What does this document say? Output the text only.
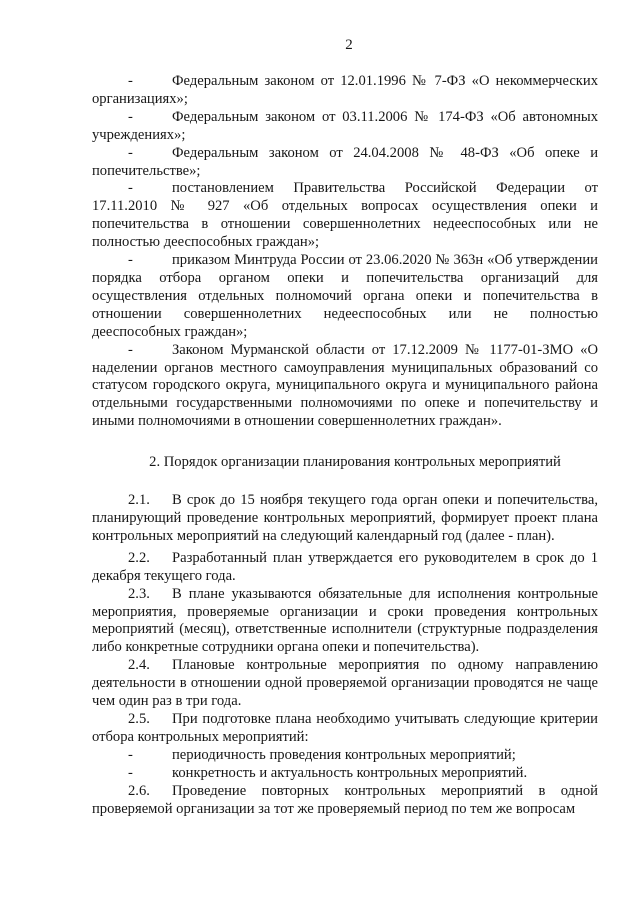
2

-	Федеральным законом от 12.01.1996 № 7-ФЗ «О некоммерческих организациях»;

-	Федеральным законом от 03.11.2006 № 174-ФЗ «Об автономных учреждениях»;

-	Федеральным законом от 24.04.2008 № 48-ФЗ «Об опеке и попечительстве»;

-	постановлением Правительства Российской Федерации от 17.11.2010 № 927 «Об отдельных вопросах осуществления опеки и попечительства в отношении совершеннолетних недееспособных или не полностью дееспособных граждан»;

-	приказом Минтруда России от 23.06.2020 № 363н «Об утверждении порядка отбора органом опеки и попечительства организаций для осуществления отдельных полномочий органа опеки и попечительства в отношении совершеннолетних недееспособных или не полностью дееспособных граждан»;

-	Законом Мурманской области от 17.12.2009 № 1177-01-ЗМО «О наделении органов местного самоуправления муниципальных образований со статусом городского округа, муниципального округа и муниципального района отдельными государственными полномочиями по опеке и попечительству и иными полномочиями в отношении совершеннолетних граждан».

2. Порядок организации планирования контрольных мероприятий

2.1. В срок до 15 ноября текущего года орган опеки и попечительства, планирующий проведение контрольных мероприятий, формирует проект плана контрольных мероприятий на следующий календарный год (далее - план).

2.2. Разработанный план утверждается его руководителем в срок до 1 декабря текущего года.

2.3. В плане указываются обязательные для исполнения контрольные мероприятия, проверяемые организации и сроки проведения контрольных мероприятий (месяц), ответственные исполнители (структурные подразделения либо конкретные сотрудники органа опеки и попечительства).

2.4. Плановые контрольные мероприятия по одному направлению деятельности в отношении одной проверяемой организации проводятся не чаще чем один раз в три года.

2.5. При подготовке плана необходимо учитывать следующие критерии отбора контрольных мероприятий:

-	периодичность проведения контрольных мероприятий;

-	конкретность и актуальность контрольных мероприятий.

2.6. Проведение повторных контрольных мероприятий в одной проверяемой организации за тот же проверяемый период по тем же вопросам
